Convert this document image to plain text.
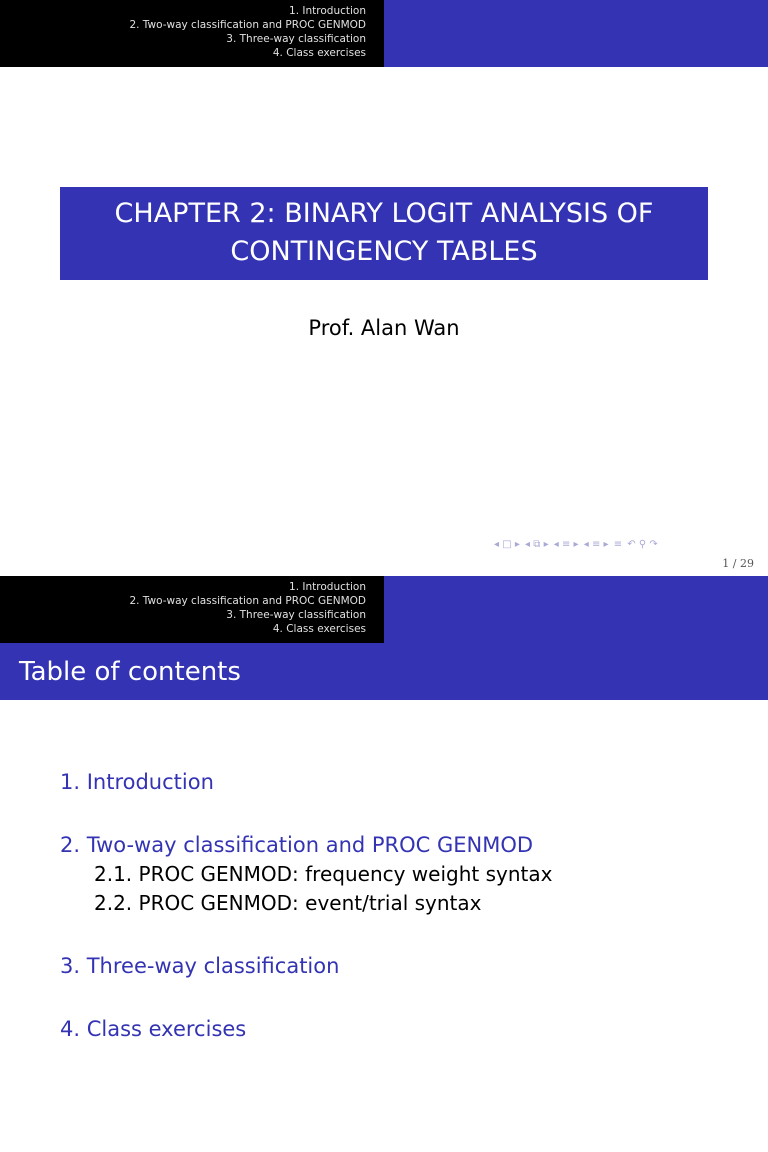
1. Introduction
2. Two-way classification and PROC GENMOD
3. Three-way classification
4. Class exercises
CHAPTER 2: BINARY LOGIT ANALYSIS OF
CONTINGENCY TABLES
Prof. Alan Wan
◂ □ ▸ ◂ ⧉ ▸ ◂ ≡ ▸ ◂ ≡ ▸ ≡ ↶ ⚲ ↷
1 / 29
1. Introduction
2. Two-way classification and PROC GENMOD
3. Three-way classification
4. Class exercises
Table of contents
1. Introduction
2. Two-way classification and PROC GENMOD
2.1. PROC GENMOD: frequency weight syntax
2.2. PROC GENMOD: event/trial syntax
3. Three-way classification
4. Class exercises
